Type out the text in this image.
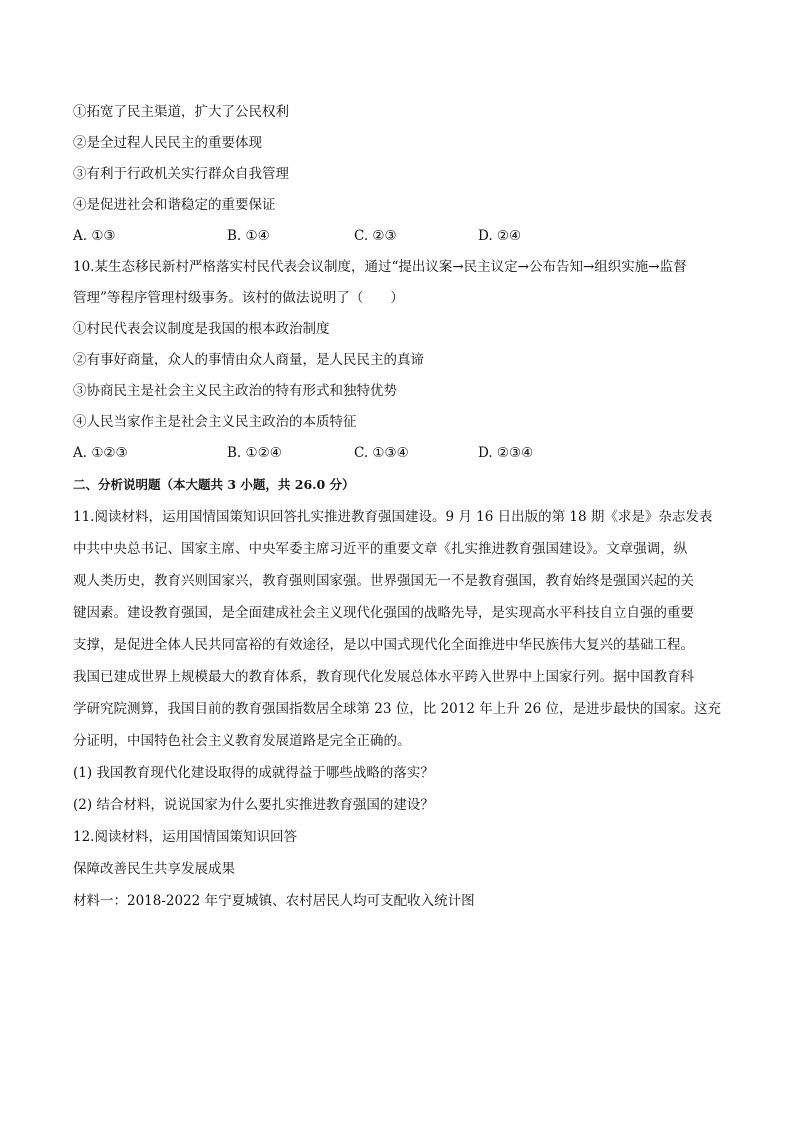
①拓宽了民主渠道，扩大了公民权利
②是全过程人民民主的重要体现
③有利于行政机关实行群众自我管理
④是促进社会和谐稳定的重要保证
A. ①③	B. ①④	C. ②③	D. ②④
10.某生态移民新村严格落实村民代表会议制度，通过“提出议案→民主议定→公布告知→组织实施→监督
管理”等程序管理村级事务。该村的做法说明了（　　）
①村民代表会议制度是我国的根本政治制度
②有事好商量，众人的事情由众人商量，是人民民主的真谛
③协商民主是社会主义民主政治的特有形式和独特优势
④人民当家作主是社会主义民主政治的本质特征
A. ①②③	B. ①②④	C. ①③④	D. ②③④
二、分析说明题（本大题共 3 小题，共 26.0 分）
11.阅读材料，运用国情国策知识回答扎实推进教育强国建设。9 月 16 日出版的第 18 期《求是》杂志发表
中共中央总书记、国家主席、中央军委主席习近平的重要文章《扎实推进教育强国建设》。文章强调，纵
观人类历史，教育兴则国家兴，教育强则国家强。世界强国无一不是教育强国，教育始终是强国兴起的关
键因素。建设教育强国，是全面建成社会主义现代化强国的战略先导，是实现高水平科技自立自强的重要
支撑，是促进全体人民共同富裕的有效途径，是以中国式现代化全面推进中华民族伟大复兴的基础工程。
我国已建成世界上规模最大的教育体系，教育现代化发展总体水平跨入世界中上国家行列。据中国教育科
学研究院测算，我国目前的教育强国指数居全球第 23 位，比 2012 年上升 26 位，是进步最快的国家。这充
分证明，中国特色社会主义教育发展道路是完全正确的。
(1) 我国教育现代化建设取得的成就得益于哪些战略的落实？
(2) 结合材料，说说国家为什么要扎实推进教育强国的建设？
12.阅读材料，运用国情国策知识回答
保障改善民生共享发展成果
材料一：2018-2022 年宁夏城镇、农村居民人均可支配收入统计图
